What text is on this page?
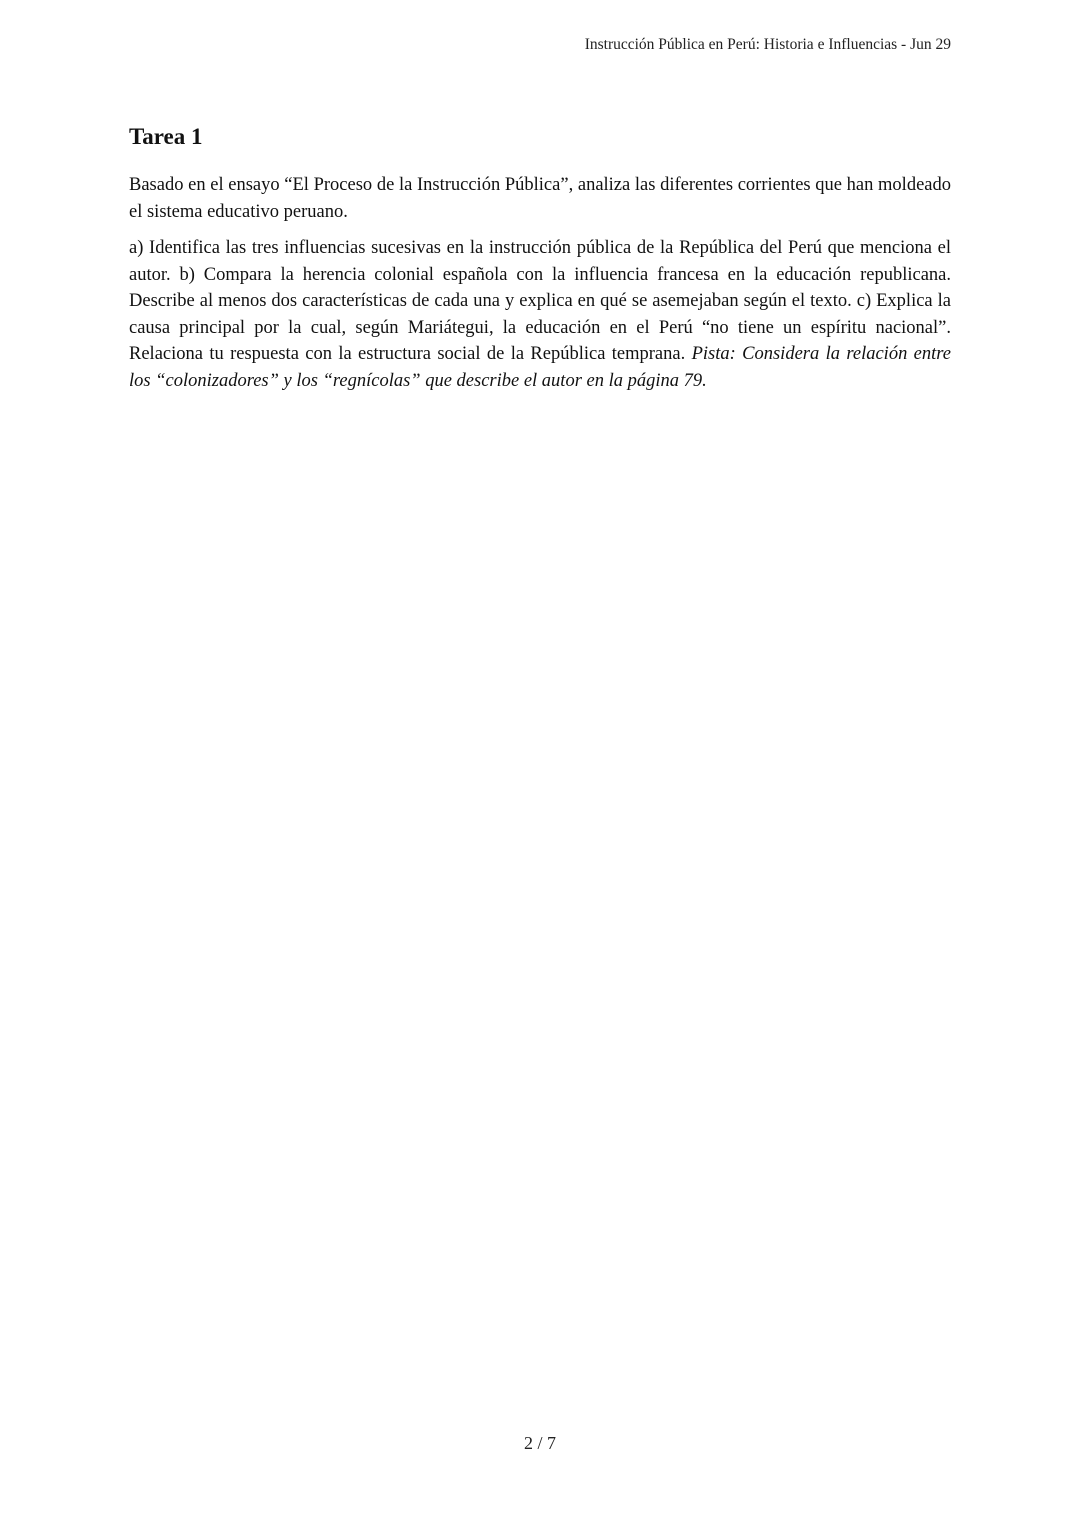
Instrucción Pública en Perú: Historia e Influencias - Jun 29
Tarea 1

Basado en el ensayo “El Proceso de la Instrucción Pública”, analiza las diferentes corrientes que han moldeado el sistema educativo peruano.

a) Identifica las tres influencias sucesivas en la instrucción pública de la República del Perú que menciona el autor. b) Compara la herencia colonial española con la influencia francesa en la educación republicana. Describe al menos dos características de cada una y explica en qué se asemejaban según el texto. c) Explica la causa principal por la cual, según Mariátegui, la educación en el Perú “no tiene un espíritu nacional”. Relaciona tu respuesta con la estructura social de la República temprana. Pista: Considera la relación entre los “colonizadores” y los “regnícolas” que describe el autor en la página 79.

2 / 7
